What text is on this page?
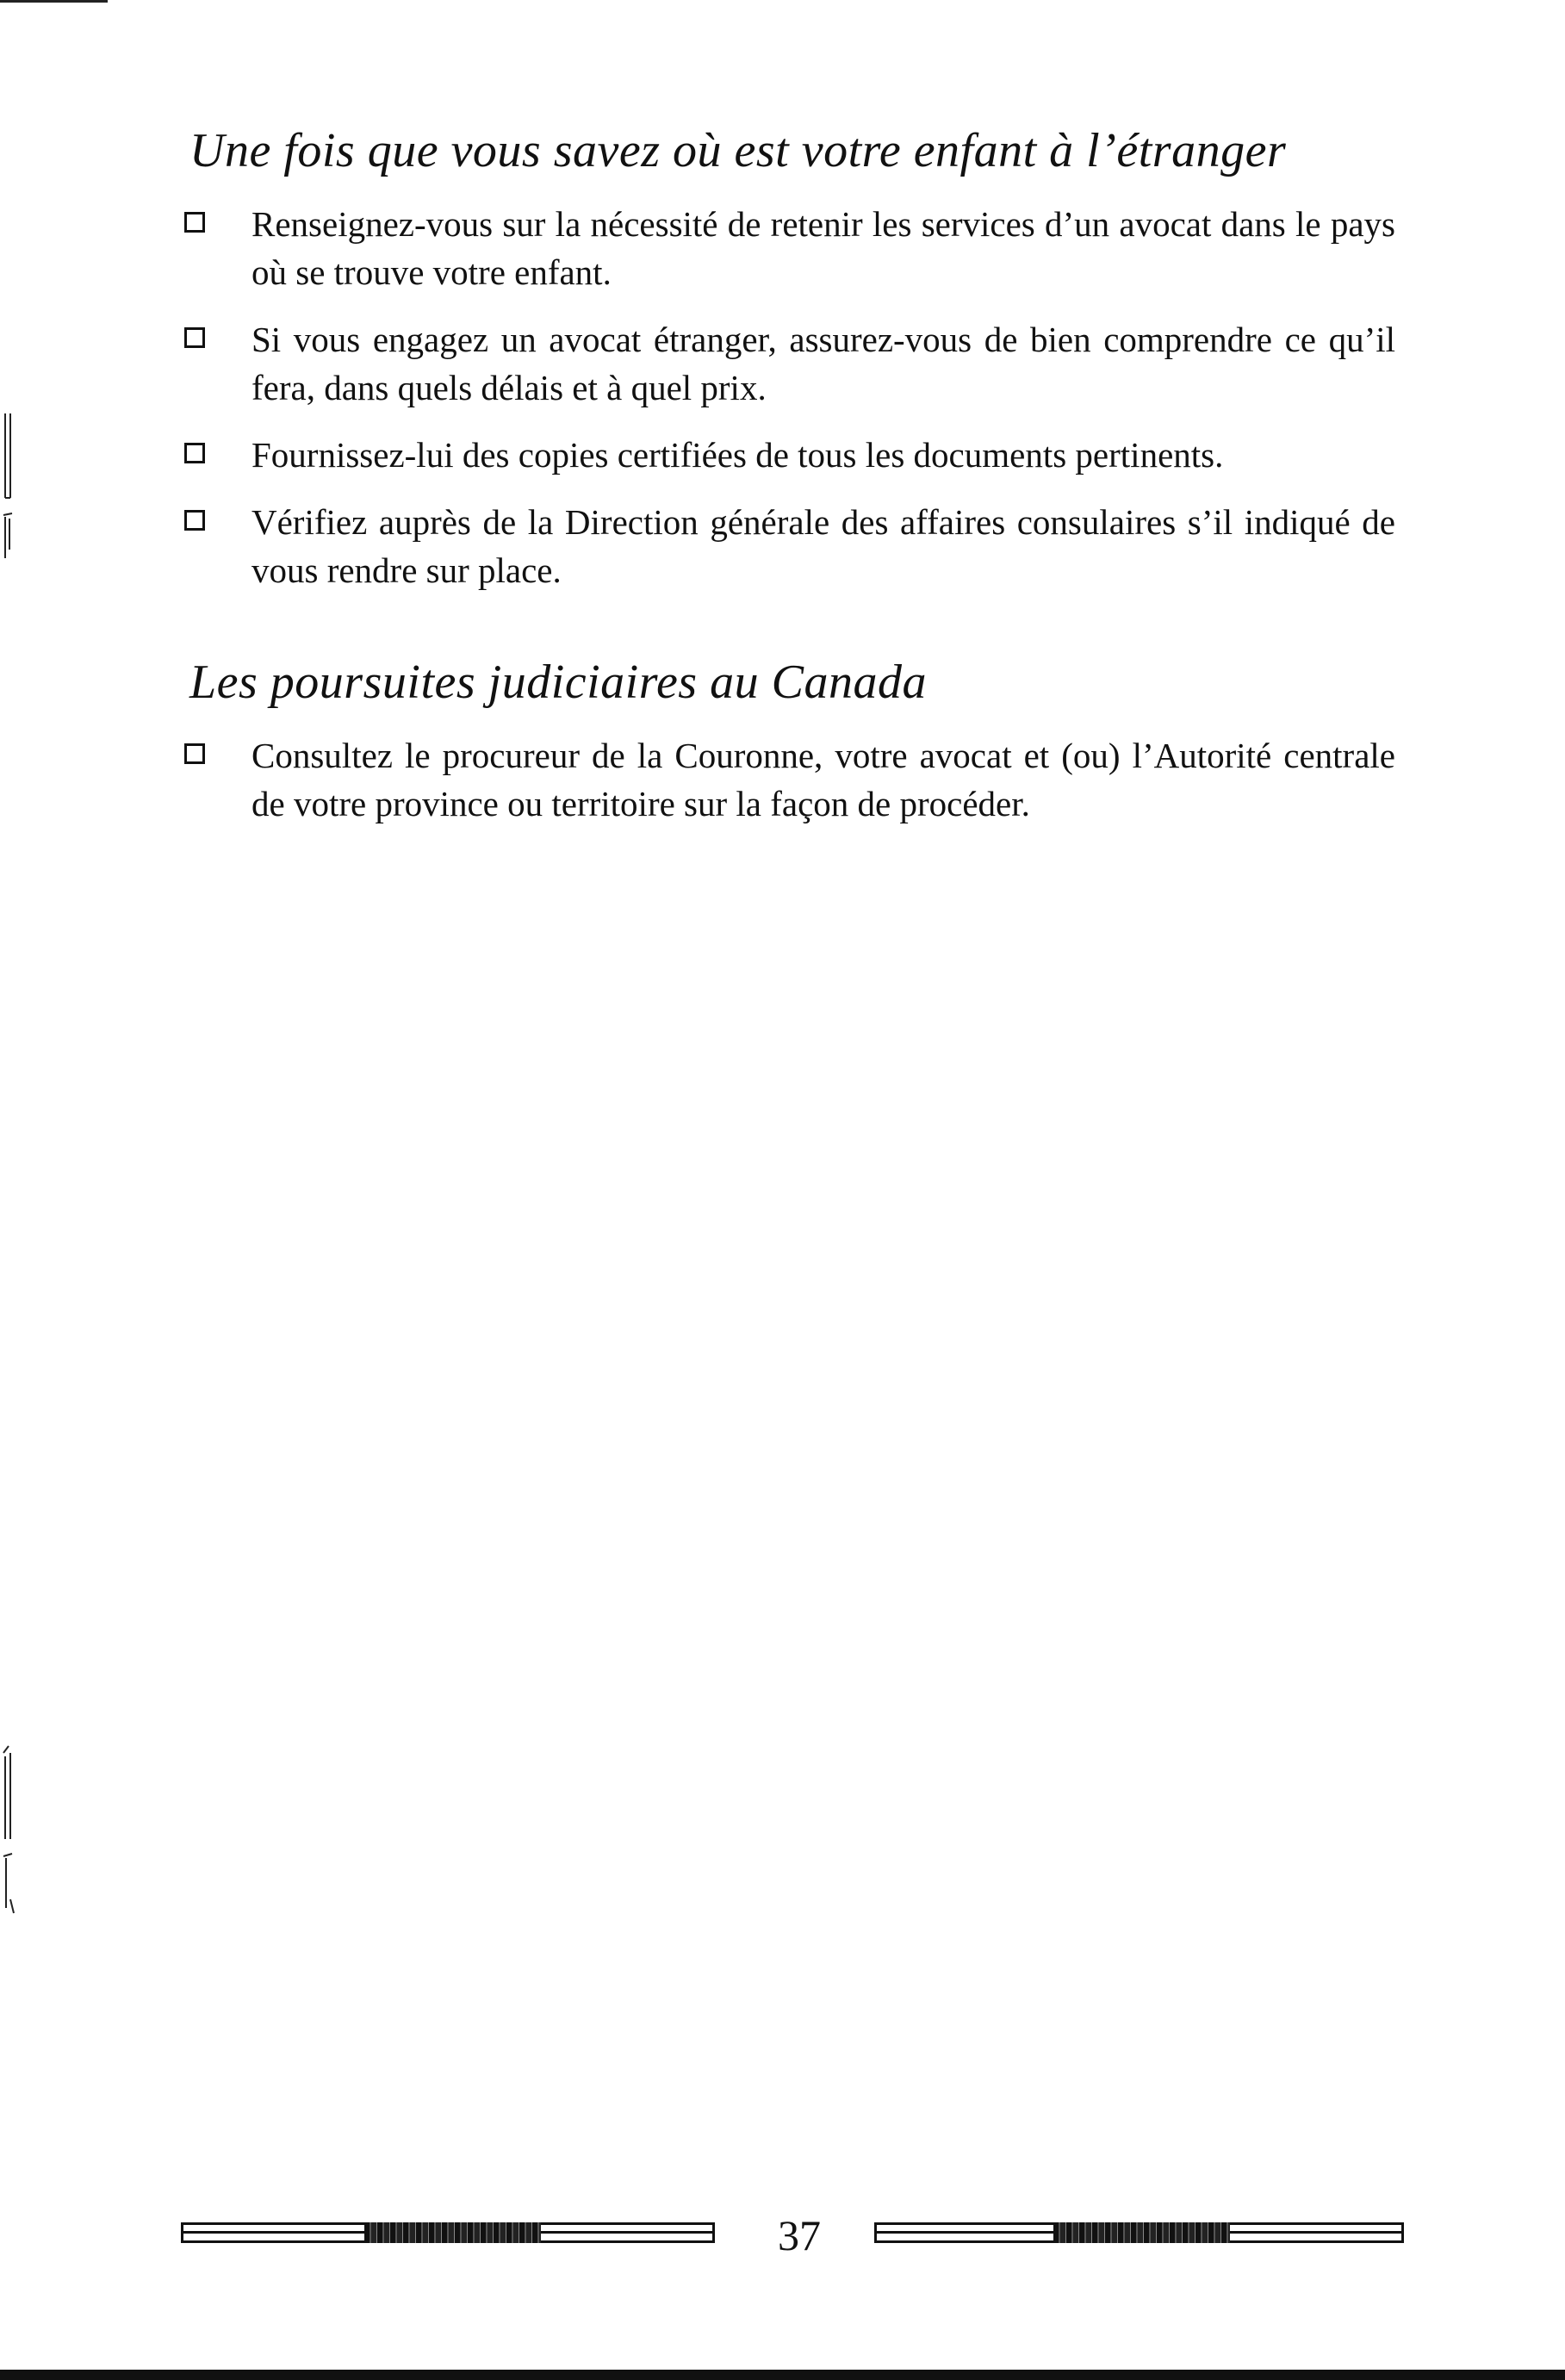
Une fois que vous savez où est votre enfant à l’étranger
Renseignez-vous sur la nécessité de retenir les services d’un avocat dans le pays où se trouve votre enfant.
Si vous engagez un avocat étranger, assurez-vous de bien comprendre ce qu’il fera, dans quels délais et à quel prix.
Fournissez-lui des copies certifiées de tous les documents pertinents.
Vérifiez auprès de la Direction générale des affaires consulaires s’il indiqué de vous rendre sur place.
Les poursuites judiciaires au Canada
Consultez le procureur de la Couronne, votre avocat et (ou) l’Autorité centrale de votre province ou territoire sur la façon de procéder.
37
